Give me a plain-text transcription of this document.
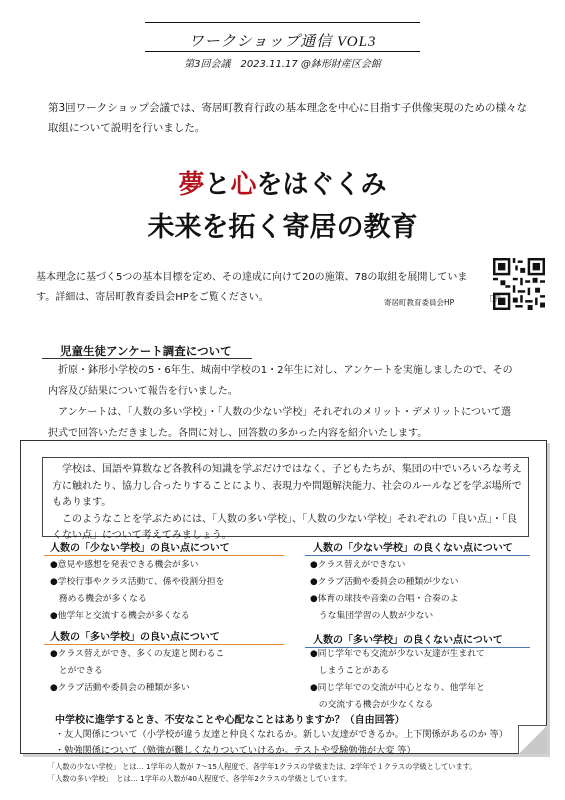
ワークショップ通信 VOL3
第3回会議　2023.11.17 @鉢形財産区会館
第3回ワークショップ会議では、寄居町教育行政の基本理念を中心に目指す子供像実現のための様々な取組について説明を行いました。
夢と心をはぐくみ
未来を拓く寄居の教育
基本理念に基づく5つの基本目標を定め、その達成に向けて20の施策、78の取組を展開しています。詳細は、寄居町教育委員会HPをご覧ください。	寄居町教育委員会HP ☞
児童生徒アンケート調査について
　折原・鉢形小学校の5・6年生、城南中学校の1・2年生に対し、アンケートを実施しましたので、その内容及び結果について報告を行いました。
　アンケートは、「人数の多い学校」・「人数の少ない学校」それぞれのメリット・デメリットについて選択式で回答いただきました。各問に対し、回答数の多かった内容を紹介いたします。
　学校は、国語や算数など各教科の知識を学ぶだけではなく、子どもたちが、集団の中でいろいろな考え方に触れたり、協力し合ったりすることにより、表現力や問題解決能力、社会のルールなどを学ぶ場所でもあります。
　このようなことを学ぶためには、「人数の多い学校」、「人数の少ない学校」それぞれの「良い点」・「良くない点」について考えてみましょう。
人数の「少ない学校」の良い点について
●意見や感想を発表できる機会が多い
●学校行事やクラス活動て、係や役割分担を
　務める機会が多くなる
●他学年と交流する機会が多くなる
人数の「少ない学校」の良くない点について
●クラス替えができない
●クラブ活動や委員会の種類が少ない
●体育の球技や音楽の合唱・合奏のよ
　うな集団学習の人数が少ない
人数の「多い学校」の良い点について
●クラス替えができ、多くの友達と関わるこ
　とができる
●クラブ活動や委員会の種類が多い
人数の「多い学校」の良くない点について
●同じ学年でも交流が少ない友達が生まれて
　しまうことがある
●同じ学年での交流が中心となり、他学年と
　の交流する機会が少なくなる
中学校に進学するとき、不安なことや心配なことはありますか？（自由回答）
・友人関係について（小学校が違う友達と仲良くなれるか。新しい友達ができるか。上下関係があるのか 等）
・勉強関係について（勉強が難しくなりついていけるか。テストや受験勉強が大変 等）
「人数の少ない学校」 とは… 1学年の人数が 7～15人程度で、各学年1クラスの学級または、2学年で１クラスの学級としています。
「人数の多い学校」　とは… 1学年の人数が40人程度で、各学年2クラスの学級としています。
